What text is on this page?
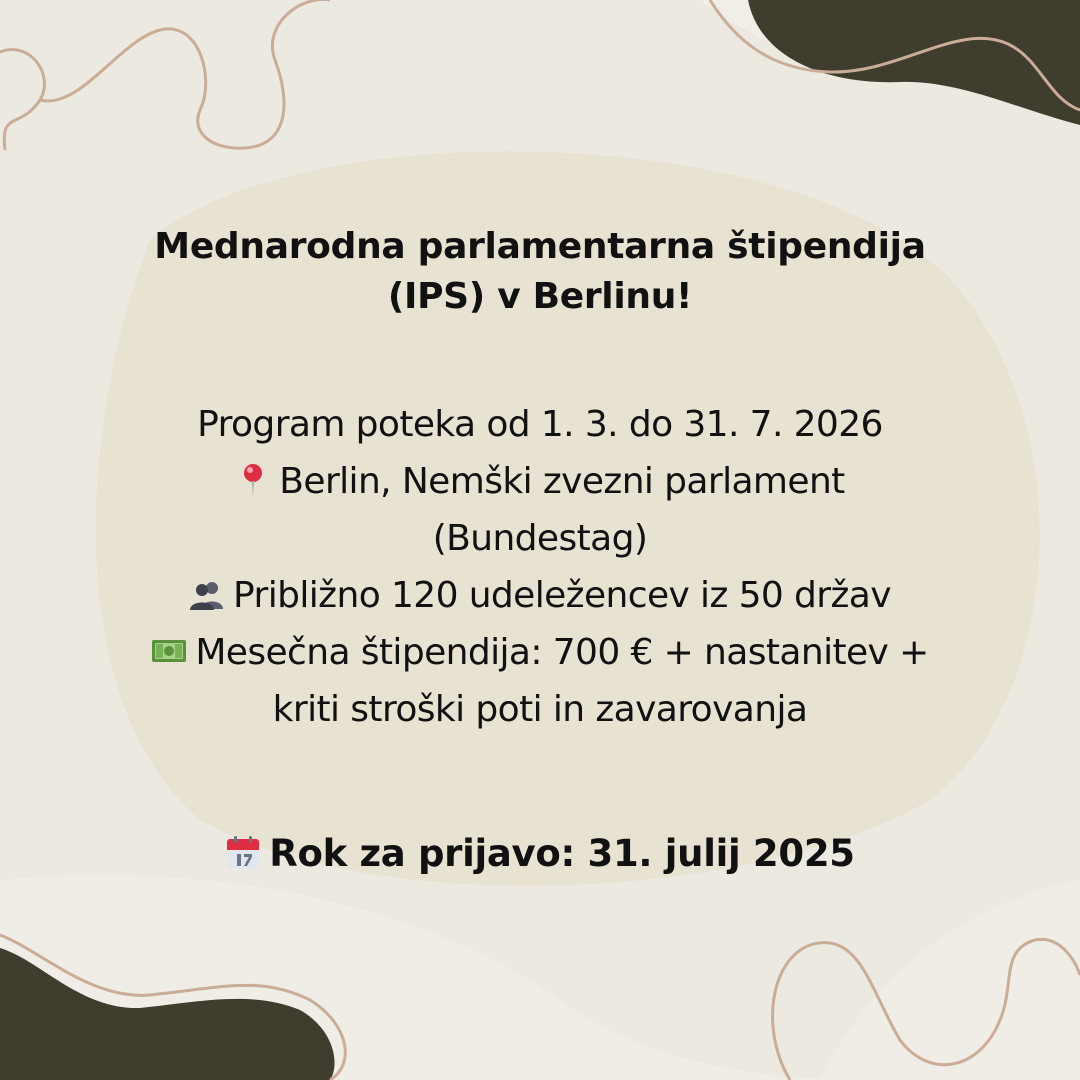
Mednarodna parlamentarna štipendija
(IPS) v Berlinu!
Program poteka od 1. 3. do 31. 7. 2026
Berlin, Nemški zvezni parlament
(Bundestag)
Približno 120 udeležencev iz 50 držav
Mesečna štipendija: 700 € + nastanitev +
kriti stroški poti in zavarovanja
Rok za prijavo: 31. julij 2025
